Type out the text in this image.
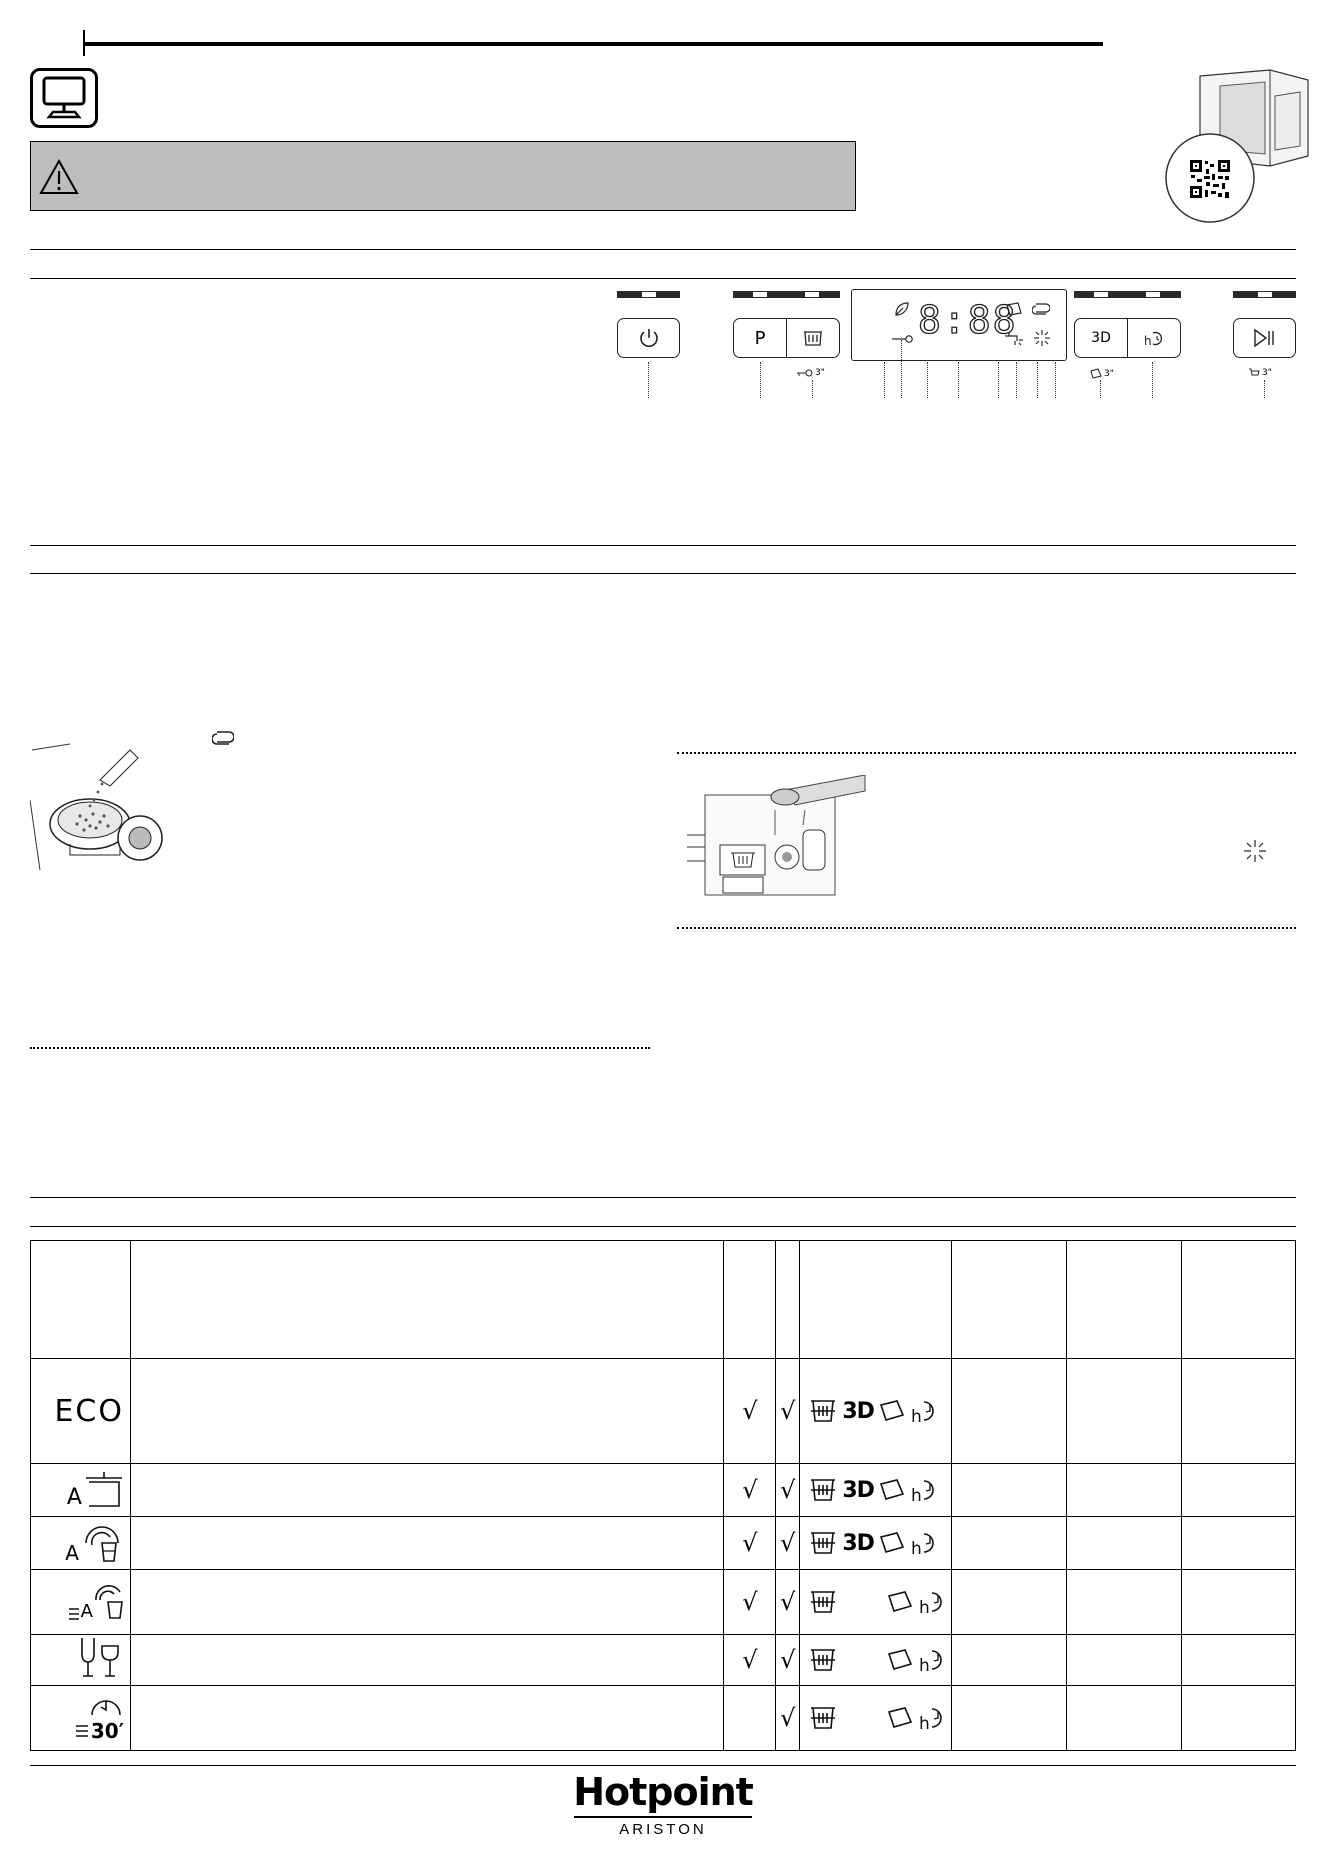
P
3"
8:88	3D	h
3"	3"

ECO		√	√	3D h			

A		√	√	3D h			

A		√	√	3D h			

A		√	√	h			

		√	√	h			

30′			√	h			

Hotpoint
ARISTON
